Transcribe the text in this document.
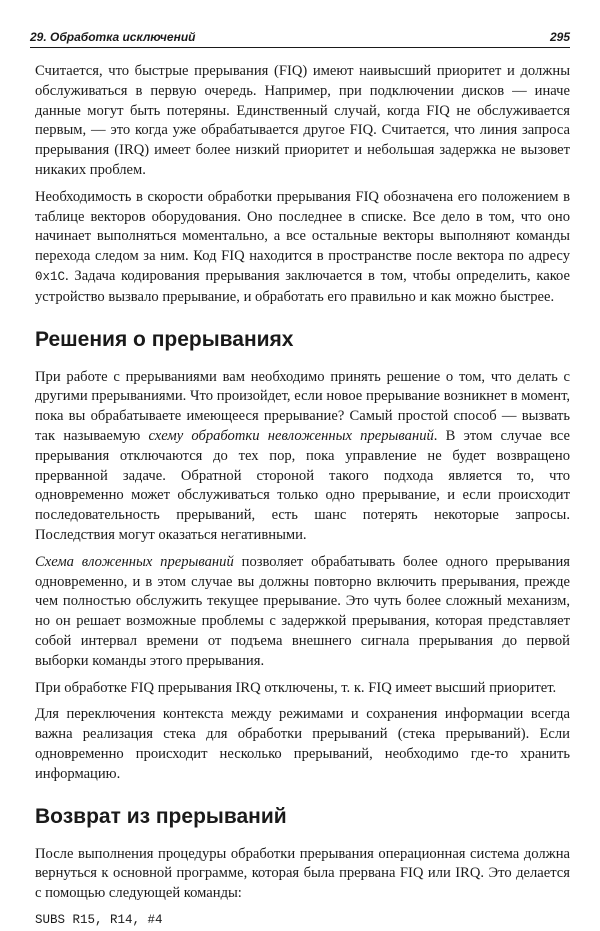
29. Обработка исключений	295

Считается, что быстрые прерывания (FIQ) имеют наивысший приоритет и должны обслуживаться в первую очередь. Например, при подключении дисков — иначе данные могут быть потеряны. Единственный случай, когда FIQ не обслуживается первым, — это когда уже обрабатывается другое FIQ. Считается, что линия запроса прерывания (IRQ) имеет более низкий приоритет и небольшая задержка не вызовет никаких проблем.

Необходимость в скорости обработки прерывания FIQ обозначена его положением в таблице векторов оборудования. Оно последнее в списке. Все дело в том, что оно начинает выполняться моментально, а все остальные векторы выполняют команды перехода следом за ним. Код FIQ находится в пространстве после вектора по адресу 0x1C. Задача кодирования прерывания заключается в том, чтобы определить, какое устройство вызвало прерывание, и обработать его правильно и как можно быстрее.

Решения о прерываниях

При работе с прерываниями вам необходимо принять решение о том, что делать с другими прерываниями. Что произойдет, если новое прерывание возникнет в момент, пока вы обрабатываете имеющееся прерывание? Самый простой способ — вызвать так называемую схему обработки невложенных прерываний. В этом случае все прерывания отключаются до тех пор, пока управление не будет возвращено прерванной задаче. Обратной стороной такого подхода является то, что одновременно может обслуживаться только одно прерывание, и если происходит последовательность прерываний, есть шанс потерять некоторые запросы. Последствия могут оказаться негативными.

Схема вложенных прерываний позволяет обрабатывать более одного прерывания одновременно, и в этом случае вы должны повторно включить прерывания, прежде чем полностью обслужить текущее прерывание. Это чуть более сложный механизм, но он решает возможные проблемы с задержкой прерывания, которая представляет собой интервал времени от подъема внешнего сигнала прерывания до первой выборки команды этого прерывания.

При обработке FIQ прерывания IRQ отключены, т. к. FIQ имеет высший приоритет.

Для переключения контекста между режимами и сохранения информации всегда важна реализация стека для обработки прерываний (стека прерываний). Если одновременно происходит несколько прерываний, необходимо где-то хранить информацию.

Возврат из прерываний

После выполнения процедуры обработки прерывания операционная система должна вернуться к основной программе, которая была прервана FIQ или IRQ. Это делается с помощью следующей команды:

SUBS R15, R14, #4
